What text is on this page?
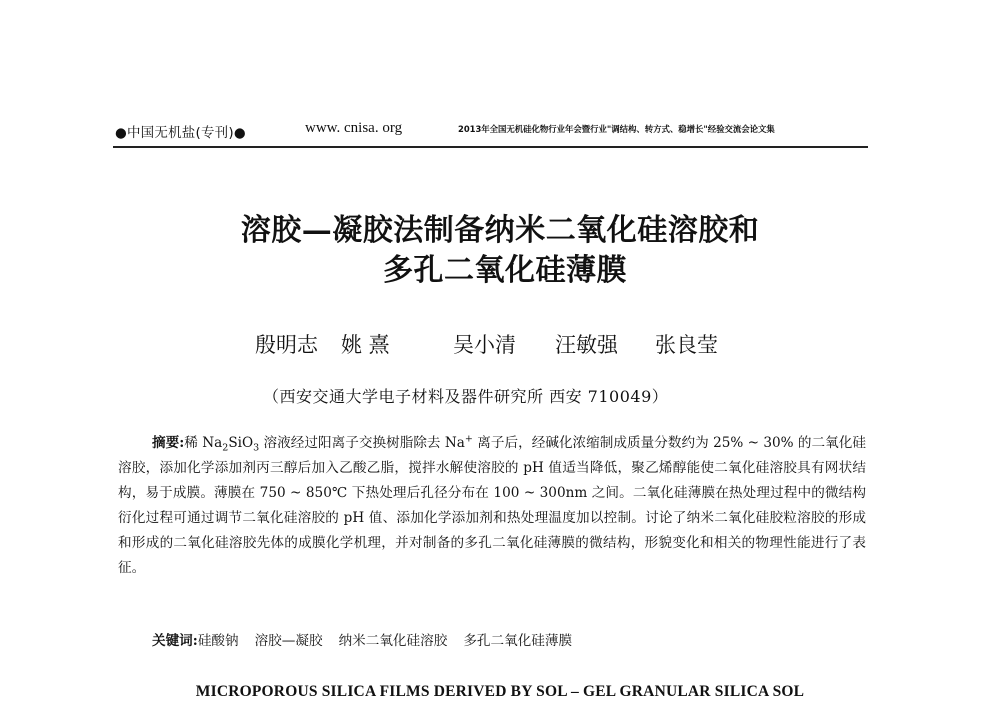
●中国无机盐(专刊)●	www. cnisa. org	2013年全国无机硅化物行业年会暨行业"调结构、转方式、稳增长"经验交流会论文集
溶胶—凝胶法制备纳米二氧化硅溶胶和
多孔二氧化硅薄膜
殷明志 姚 熹	吴小清 汪敏强 张良莹
（西安交通大学电子材料及器件研究所 西安 710049）
摘要:稀 $Na_2SiO_3$ 溶液经过阳离子交换树脂除去 Na+ 离子后，经碱化浓缩制成质量分数约为 25% ~ 30% 的二氧化硅溶胶，添加化学添加剂丙三醇后加入乙酸乙脂，搅拌水解使溶胶的 pH 值适当降低，聚乙烯醇能使二氧化硅溶胶具有网状结构，易于成膜。薄膜在 750 ~ 850℃ 下热处理后孔径分布在 100 ~ 300nm 之间。二氧化硅薄膜在热处理过程中的微结构衍化过程可通过调节二氧化硅溶胶的 pH 值、添加化学添加剂和热处理温度加以控制。讨论了纳米二氧化硅胶粒溶胶的形成和形成的二氧化硅溶胶先体的成膜化学机理，并对制备的多孔二氧化硅薄膜的微结构，形貌变化和相关的物理性能进行了表征。
关键词:硅酸钠 溶胶—凝胶 纳米二氧化硅溶胶 多孔二氧化硅薄膜
MICROPOROUS SILICA FILMS DERIVED BY SOL – GEL GRANULAR SILICA SOL
